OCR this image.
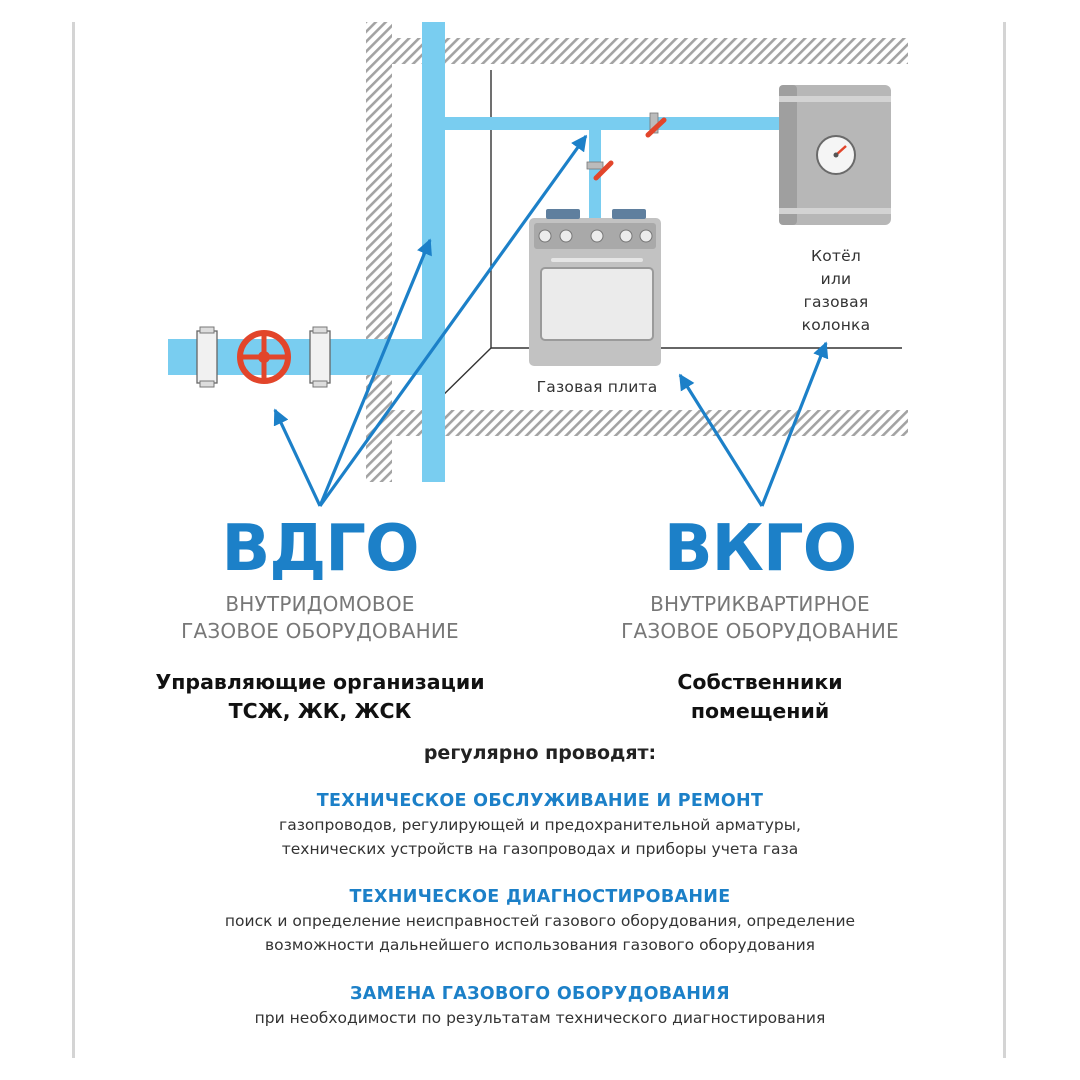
Газовая плита
Котёл
или
газовая
колонка
ВДГО
ВНУТРИДОМОВОЕ
ГАЗОВОЕ ОБОРУДОВАНИЕ
Управляющие организации
ТСЖ, ЖК, ЖСК
ВКГО
ВНУТРИКВАРТИРНОЕ
ГАЗОВОЕ ОБОРУДОВАНИЕ
Собственники
помещений
регулярно проводят:
ТЕХНИЧЕСКОЕ ОБСЛУЖИВАНИЕ И РЕМОНТ
газопроводов, регулирующей и предохранительной арматуры,
технических устройств на газопроводах и приборы учета газа
ТЕХНИЧЕСКОЕ ДИАГНОСТИРОВАНИЕ
поиск и определение неисправностей газового оборудования, определение
возможности дальнейшего использования газового оборудования
ЗАМЕНА ГАЗОВОГО ОБОРУДОВАНИЯ
при необходимости по результатам технического диагностирования
